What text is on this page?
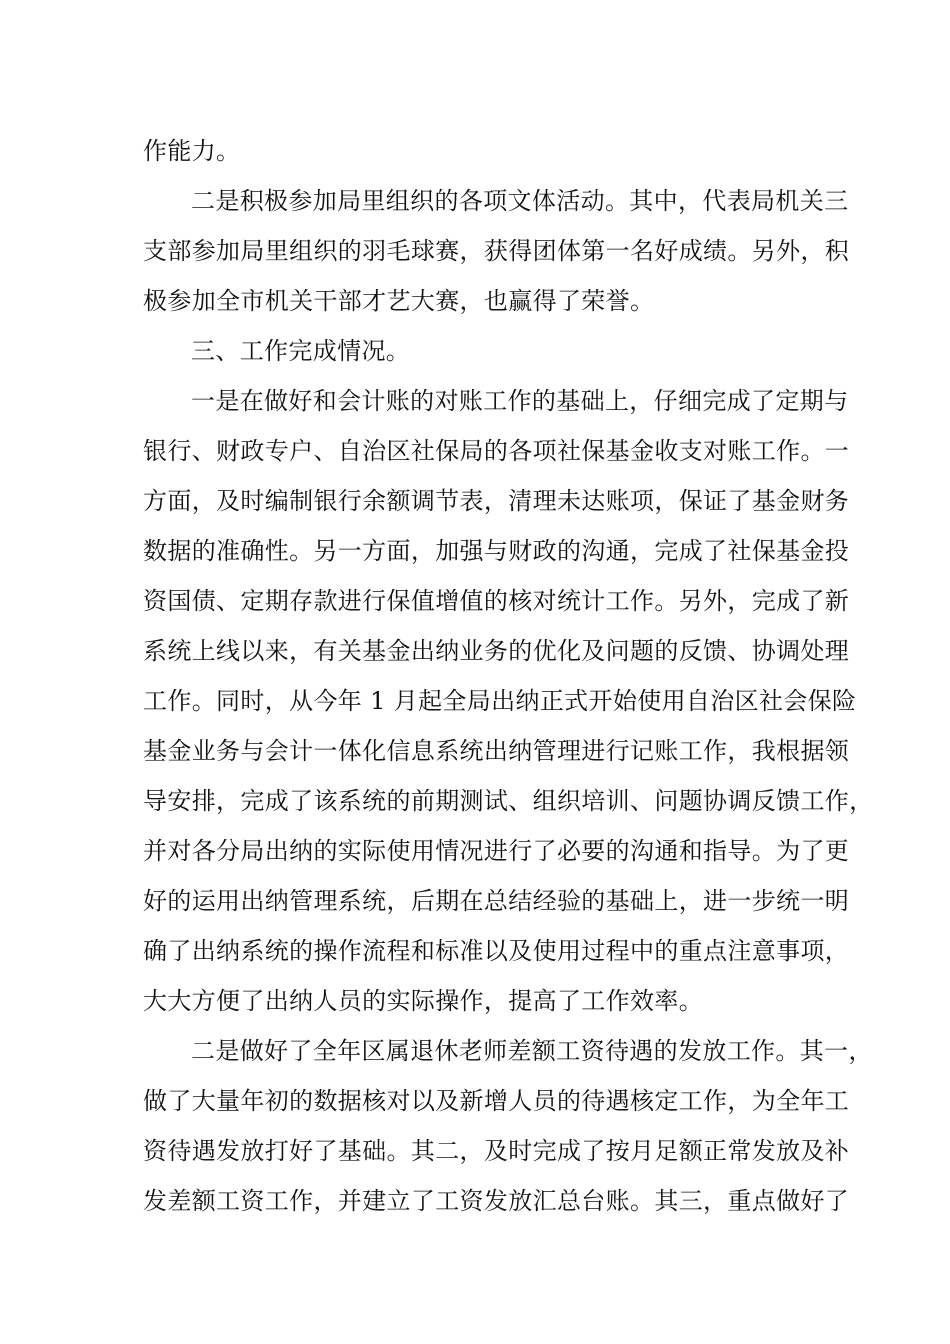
作能力。
二是积极参加局里组织的各项文体活动。其中，代表局机关三
支部参加局里组织的羽毛球赛，获得团体第一名好成绩。另外，积
极参加全市机关干部才艺大赛，也赢得了荣誉。
三、工作完成情况。
一是在做好和会计账的对账工作的基础上，仔细完成了定期与
银行、财政专户、自治区社保局的各项社保基金收支对账工作。一
方面，及时编制银行余额调节表，清理未达账项，保证了基金财务
数据的准确性。另一方面，加强与财政的沟通，完成了社保基金投
资国债、定期存款进行保值增值的核对统计工作。另外，完成了新
系统上线以来，有关基金出纳业务的优化及问题的反馈、协调处理
工作。同时，从今年 1 月起全局出纳正式开始使用自治区社会保险
基金业务与会计一体化信息系统出纳管理进行记账工作，我根据领
导安排，完成了该系统的前期测试、组织培训、问题协调反馈工作，
并对各分局出纳的实际使用情况进行了必要的沟通和指导。为了更
好的运用出纳管理系统，后期在总结经验的基础上，进一步统一明
确了出纳系统的操作流程和标准以及使用过程中的重点注意事项，
大大方便了出纳人员的实际操作，提高了工作效率。
二是做好了全年区属退休老师差额工资待遇的发放工作。其一，
做了大量年初的数据核对以及新增人员的待遇核定工作，为全年工
资待遇发放打好了基础。其二，及时完成了按月足额正常发放及补
发差额工资工作，并建立了工资发放汇总台账。其三，重点做好了
